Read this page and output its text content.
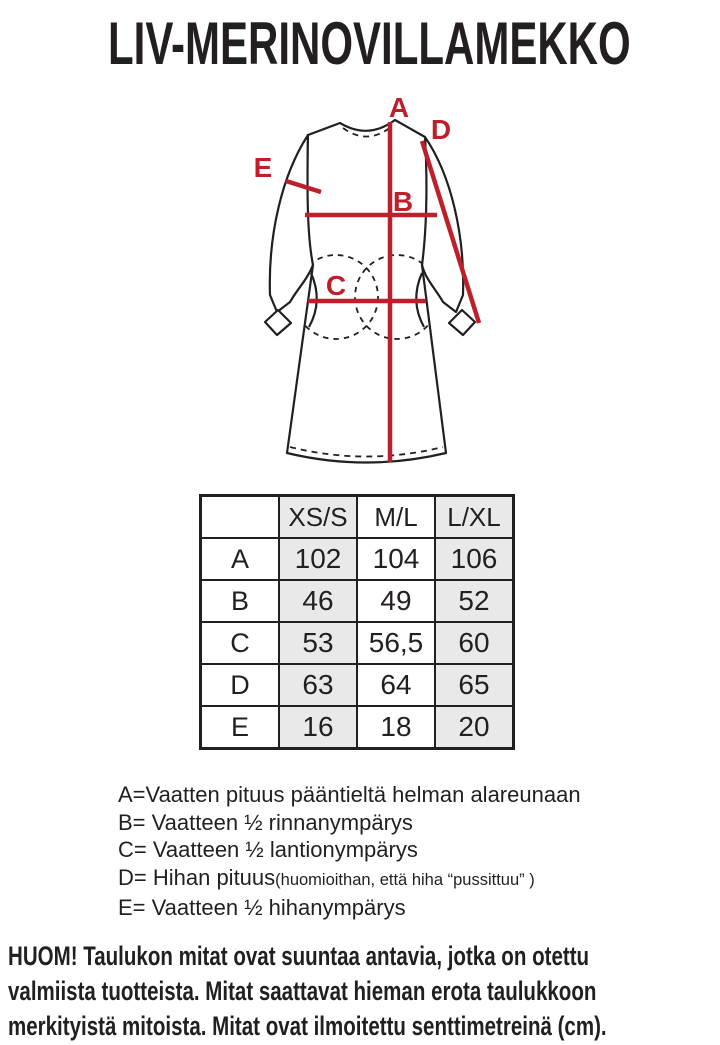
LIV-MERINOVILLAMEKKO
A
B
C
D
E
	XS/S	M/L	L/XL
A	102	104	106
B	46	49	52
C	53	56,5	60
D	63	64	65
E	16	18	20
A=Vaatten pituus pääntieltä helman alareunaan
B= Vaatteen ½ rinnanympärys
C= Vaatteen ½ lantionympärys
D= Hihan pituus(huomioithan, että hiha “pussittuu” )
E= Vaatteen ½ hihanympärys
HUOM! Taulukon mitat ovat suuntaa antavia, jotka on otettu
valmiista tuotteista. Mitat saattavat hieman erota taulukkoon
merkityistä mitoista. Mitat ovat ilmoitettu senttimetreinä (cm).
